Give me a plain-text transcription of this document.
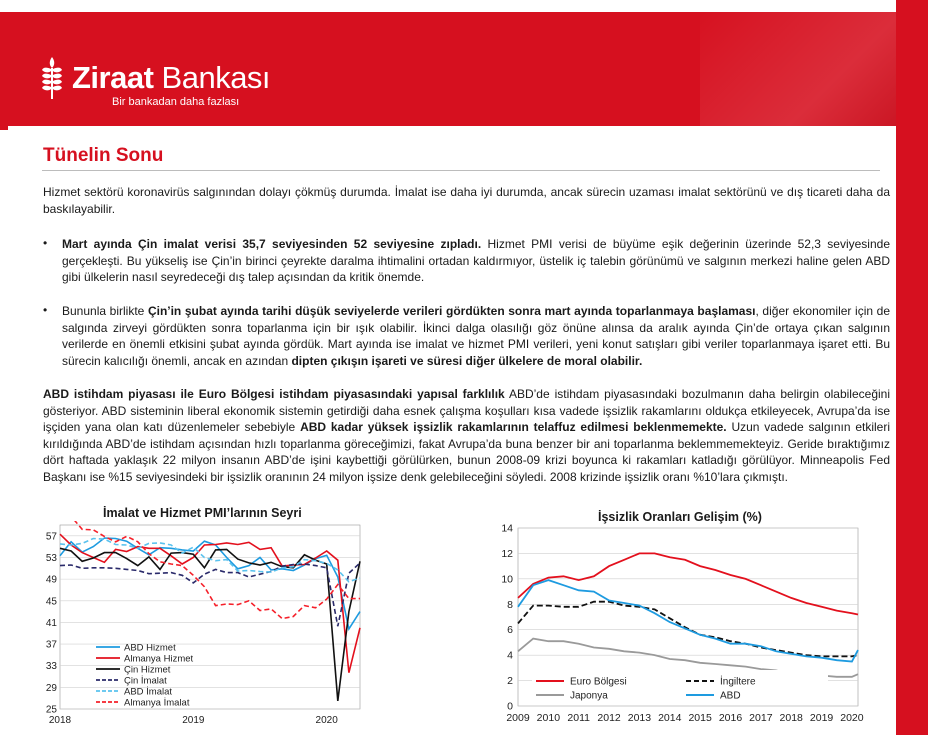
Ziraat Bankası
Bir bankadan daha fazlası
Tünelin Sonu
Hizmet sektörü koronavirüs salgınından dolayı çökmüş durumda. İmalat ise daha iyi durumda, ancak sürecin uzaması imalat sektörünü ve dış ticareti daha da baskılayabilir.
• Mart ayında Çin imalat verisi 35,7 seviyesinden 52 seviyesine zıpladı. Hizmet PMI verisi de büyüme eşik değerinin üzerinde 52,3 seviyesinde gerçekleşti. Bu yükseliş ise Çin’in birinci çeyrekte daralma ihtimalini ortadan kaldırmıyor, üstelik iç talebin görünümü ve salgının merkezi haline gelen ABD gibi ülkelerin nasıl seyredeceği dış talep açısından da kritik önemde.
• Bununla birlikte Çin’in şubat ayında tarihi düşük seviyelerde verileri gördükten sonra mart ayında toparlanmaya başlaması, diğer ekonomiler için de salgında zirveyi gördükten sonra toparlanma için bir ışık olabilir. İkinci dalga olasılığı göz önüne alınsa da aralık ayında Çin’de ortaya çıkan salgının verilerde en önemli etkisini şubat ayında gördük. Mart ayında ise imalat ve hizmet PMI verileri, yeni konut satışları gibi veriler toparlanmaya işaret etti. Bu sürecin kalıcılığı önemli, ancak en azından dipten çıkışın işareti ve süresi diğer ülkelere de moral olabilir.
ABD istihdam piyasası ile Euro Bölgesi istihdam piyasasındaki yapısal farklılık ABD’de istihdam piyasasındaki bozulmanın daha belirgin olabileceğini gösteriyor. ABD sisteminin liberal ekonomik sistemin getirdiği daha esnek çalışma koşulları kısa vadede işsizlik rakamlarını oldukça etkileyecek, Avrupa’da ise işçiden yana olan katı düzenlemeler sebebiyle ABD kadar yüksek işsizlik rakamlarının telaffuz edilmesi beklenmemekte. Uzun vadede salgının etkileri kırıldığında ABD’de istihdam açısından hızlı toparlanma göreceğimizi, fakat Avrupa’da buna benzer bir ani toparlanma beklemmemekteyiz. Geride bıraktığımız dört haftada yaklaşık 22 milyon insanın ABD’de işini kaybettiği görülürken, bunun 2008-09 krizi boyunca ki rakamları katladığı görülüyor. Minneapolis Fed Başkanı ise %15 seviyesindeki bir işsizlik oranının 24 milyon işsize denk gelebileceğini söyledi. 2008 krizinde işsizlik oranı %10’lara çıkmıştı.
İmalat ve Hizmet PMI’larının Seyri
25
29
33
37
41
45
49
53
57
2018	2019	2020
ABD Hizmet
Almanya Hizmet
Çin Hizmet
Çin İmalat
ABD İmalat
Almanya İmalat
İşsizlik Oranları Gelişim (%)
0
2
4
6
8
10
12
14
2009 2010 2011 2012 2013 2014 2015 2016 2017 2018 2019 2020
Euro Bölgesi	İngiltere
Japonya	ABD
